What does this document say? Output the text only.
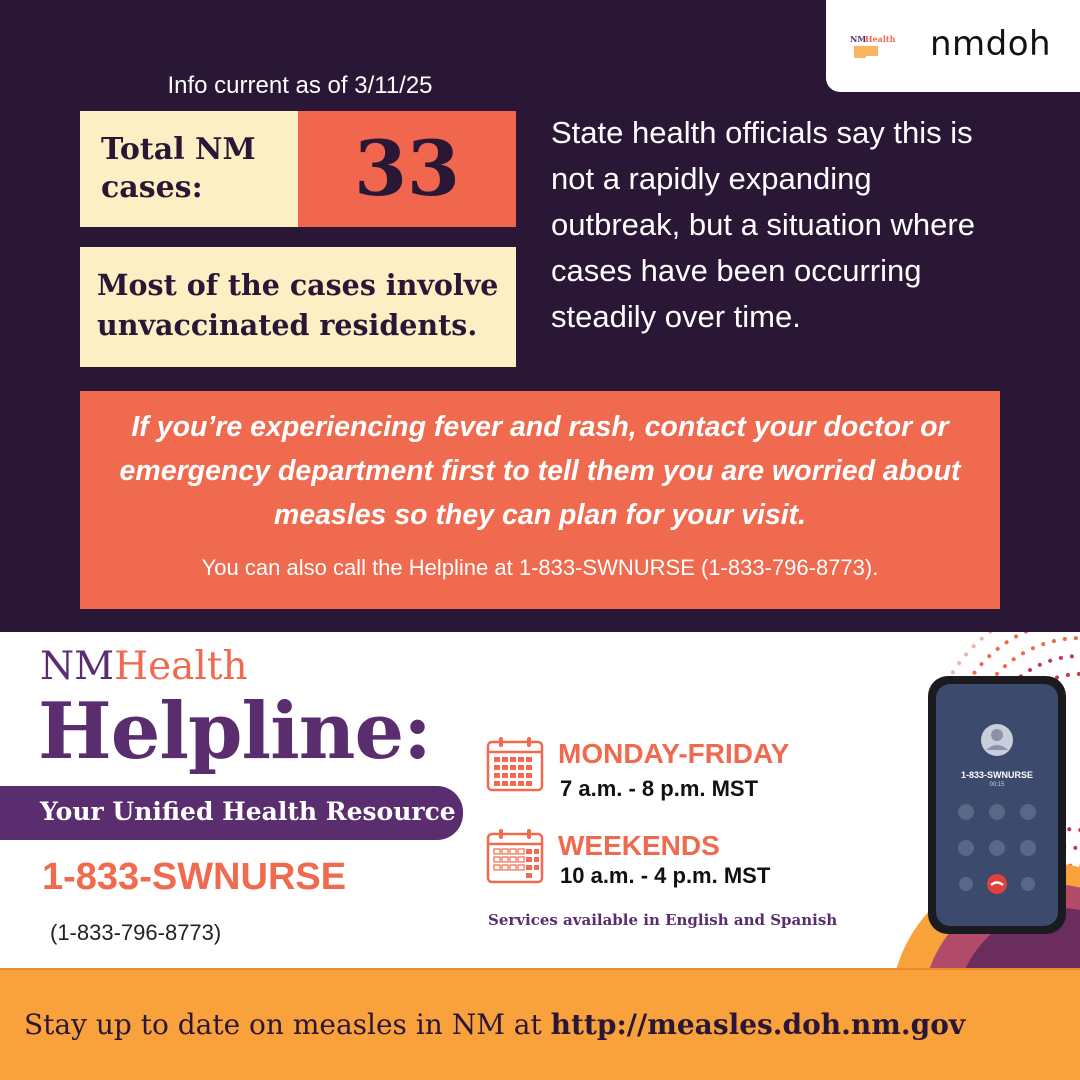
NM
Health nmdoh
Info current as of 3/11/25
Total NM cases:	33
Most of the cases involve unvaccinated residents.
State health officials say this is not a rapidly expanding outbreak, but a situation where cases have been occurring steadily over time.
If you’re experiencing fever and rash, contact your doctor or emergency department first to tell them you are worried about measles so they can plan for your visit.
You can also call the Helpline at 1-833-SWNURSE (1-833-796-8773).
NMHealth
Helpline:
Your Unified Health Resource
1-833-SWNURSE
(1-833-796-8773)
MONDAY-FRIDAY
7 a.m. - 8 p.m. MST
WEEKENDS
10 a.m. - 4 p.m. MST
Services available in English and Spanish
1-833-SWNURSE
00:15
Stay up to date on measles in NM at http://measles.doh.nm.gov
